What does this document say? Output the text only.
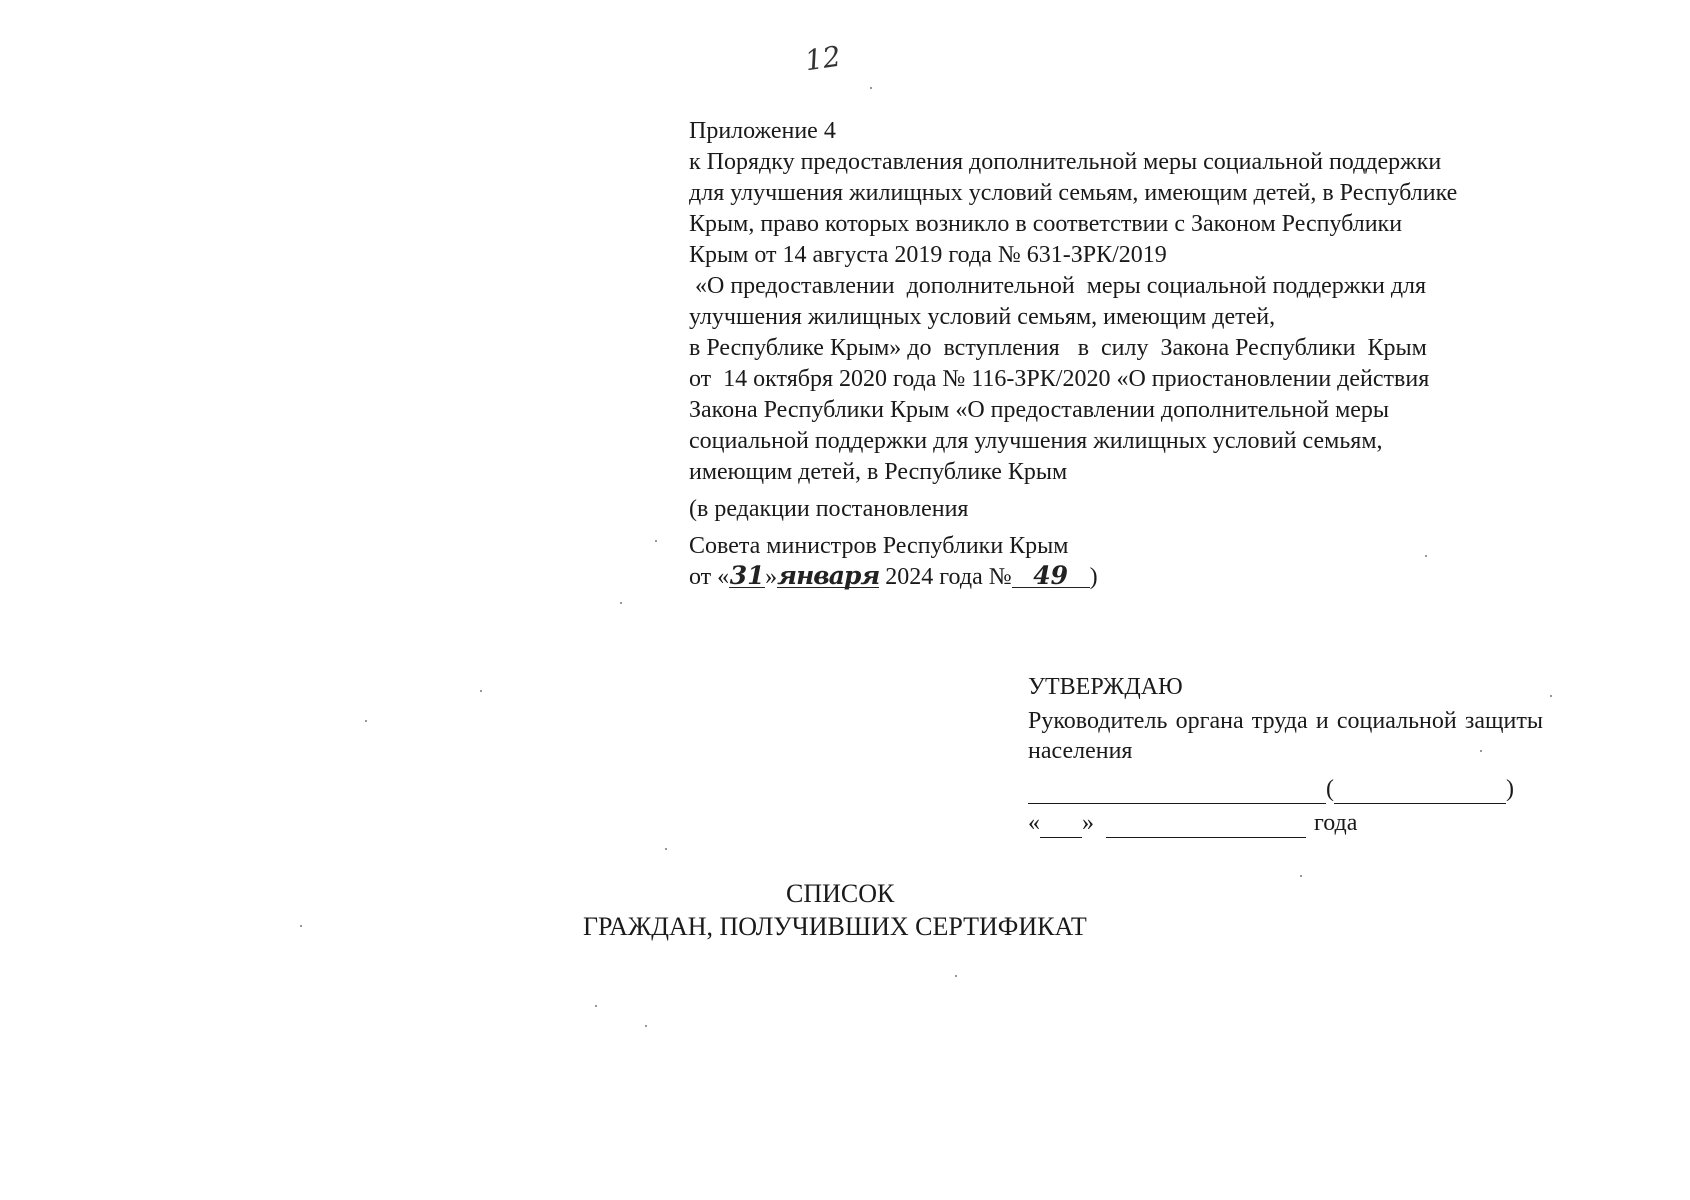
12
Приложение 4
к Порядку предоставления дополнительной меры социальной поддержки
для улучшения жилищных условий семьям, имеющим детей, в Республике
Крым, право которых возникло в соответствии с Законом Республики
Крым от 14 августа 2019 года № 631-ЗРК/2019
«О предоставлении  дополнительной  меры социальной поддержки для
улучшения жилищных условий семьям, имеющим детей,
в Республике Крым» до  вступления   в  силу  Закона Республики  Крым
от  14 октября 2020 года № 116-ЗРК/2020 «О приостановлении действия
Закона Республики Крым «О предоставлении дополнительной меры
социальной поддержки для улучшения жилищных условий семьям,
имеющим детей, в Республике Крым
(в редакции постановления
Совета министров Республики Крым
от «31»января 2024 года № 49 )
УТВЕРЖДАЮ
Руководитель органа труда и социальной защиты населения
(	)
« »	года
СПИСОК
ГРАЖДАН, ПОЛУЧИВШИХ СЕРТИФИКАТ
